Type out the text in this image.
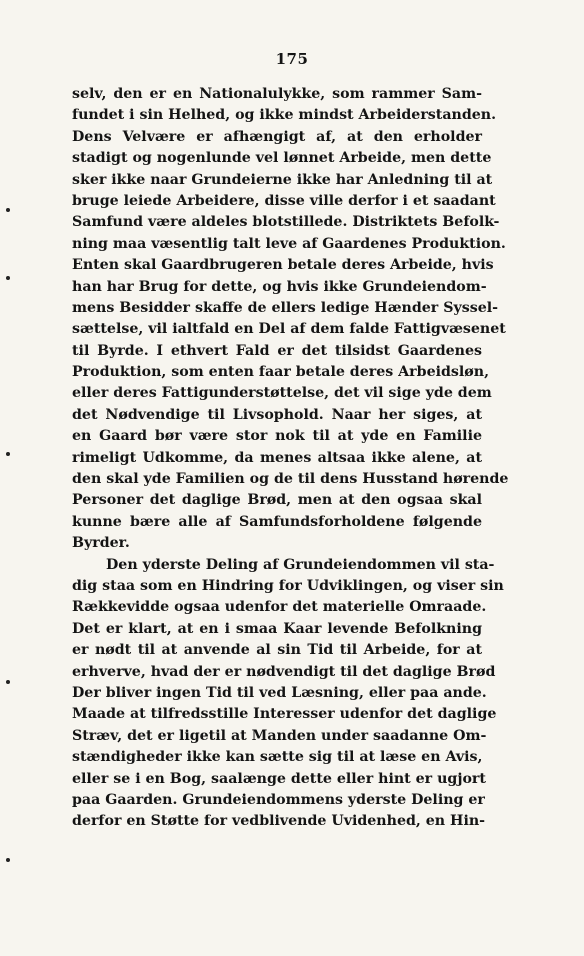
175
selv, den er en Nationalulykke, som rammer Sam-
fundet i sin Helhed, og ikke mindst Arbeiderstanden.
Dens Velvære er afhængigt af, at den erholder
stadigt og nogenlunde vel lønnet Arbeide, men dette
sker ikke naar Grundeierne ikke har Anledning til at
bruge leiede Arbeidere, disse ville derfor i et saadant
Samfund være aldeles blotstillede. Distriktets Befolk-
ning maa væsentlig talt leve af Gaardenes Produktion.
Enten skal Gaardbrugeren betale deres Arbeide, hvis
han har Brug for dette, og hvis ikke Grundeiendom-
mens Besidder skaffe de ellers ledige Hænder Syssel-
sættelse, vil ialtfald en Del af dem falde Fattigvæsenet
til Byrde. I ethvert Fald er det tilsidst Gaardenes
Produktion, som enten faar betale deres Arbeidsløn,
eller deres Fattigunderstøttelse, det vil sige yde dem
det Nødvendige til Livsophold. Naar her siges, at
en Gaard bør være stor nok til at yde en Familie
rimeligt Udkomme, da menes altsaa ikke alene, at
den skal yde Familien og de til dens Husstand hørende
Personer det daglige Brød, men at den ogsaa skal
kunne bære alle af Samfundsforholdene følgende
Byrder.
Den yderste Deling af Grundeiendommen vil sta-
dig staa som en Hindring for Udviklingen, og viser sin
Rækkevidde ogsaa udenfor det materielle Omraade.
Det er klart, at en i smaa Kaar levende Befolkning
er nødt til at anvende al sin Tid til Arbeide, for at
erhverve, hvad der er nødvendigt til det daglige Brød
Der bliver ingen Tid til ved Læsning, eller paa ande.
Maade at tilfredsstille Interesser udenfor det daglige
Stræv, det er ligetil at Manden under saadanne Om-
stændigheder ikke kan sætte sig til at læse en Avis,
eller se i en Bog, saalænge dette eller hint er ugjort
paa Gaarden. Grundeiendommens yderste Deling er
derfor en Støtte for vedblivende Uvidenhed, en Hin-
